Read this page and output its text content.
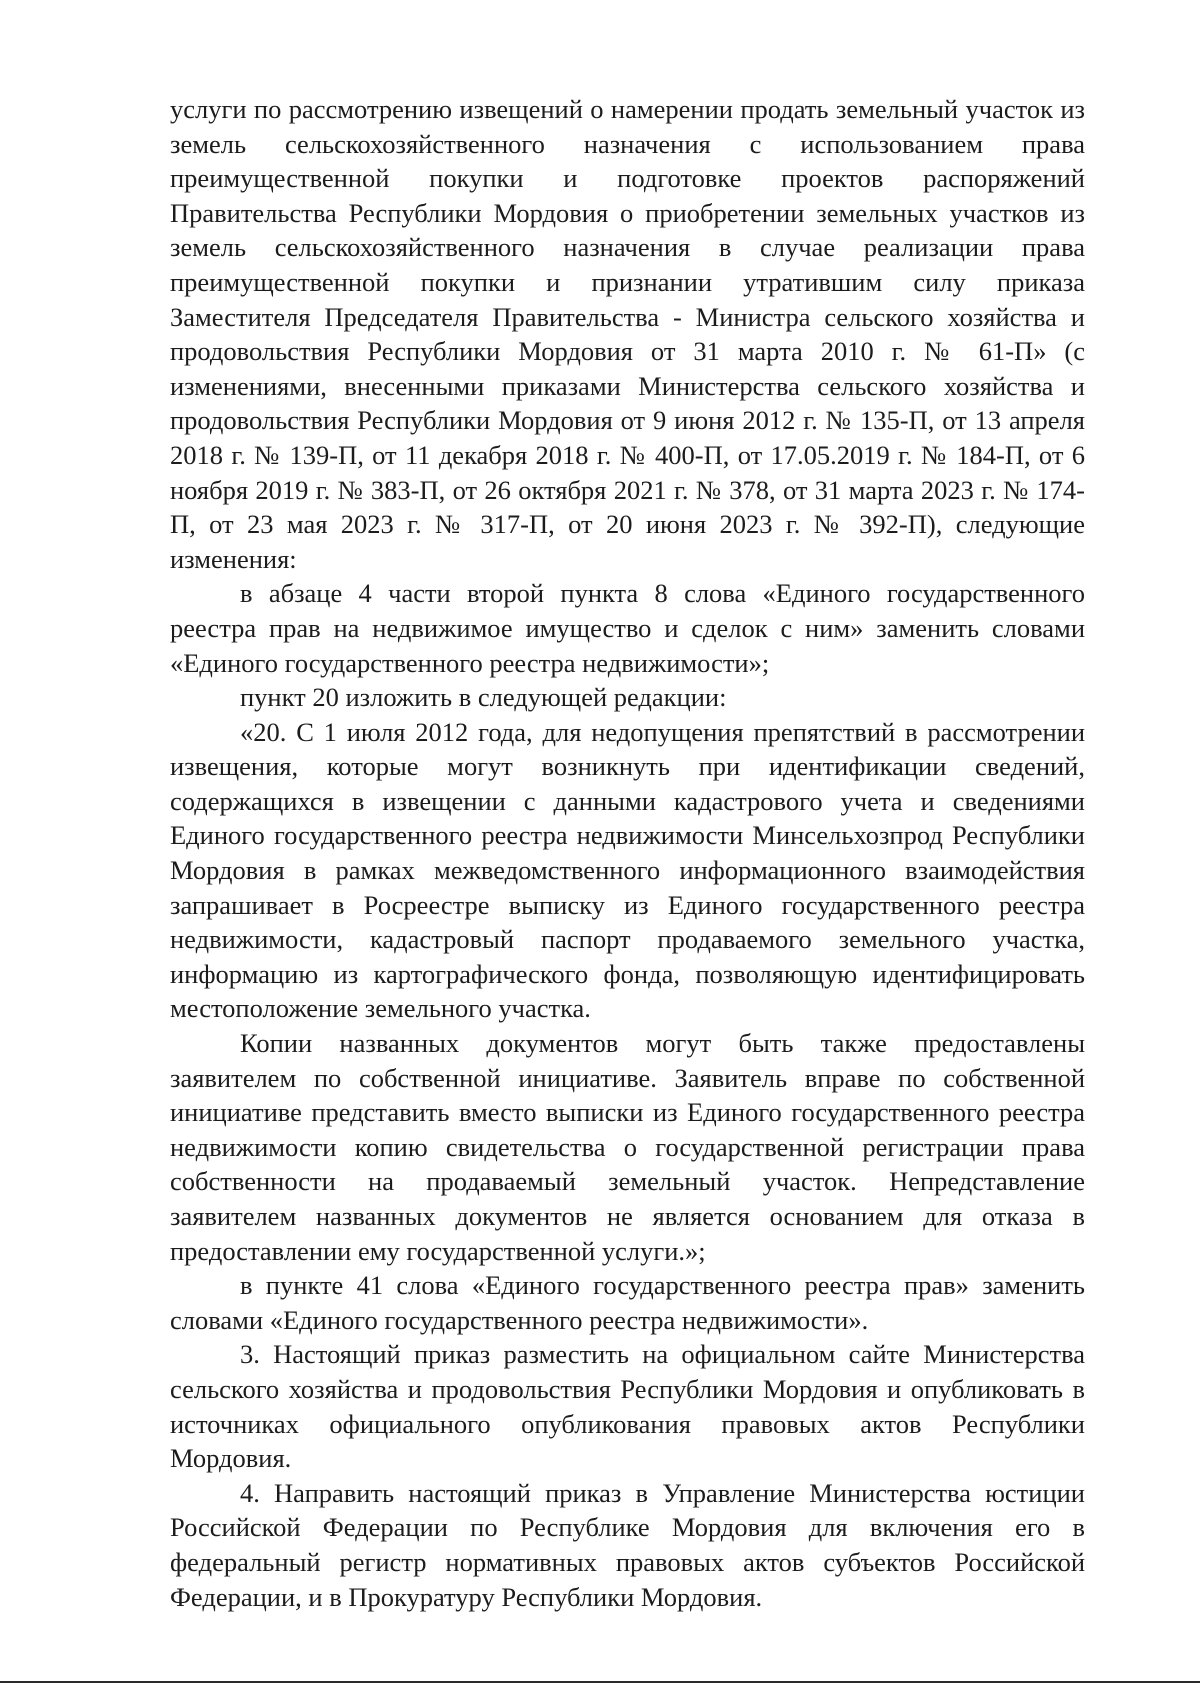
услуги по рассмотрению извещений о намерении продать земельный участок из земель сельскохозяйственного назначения с использованием права преимущественной покупки и подготовке проектов распоряжений Правительства Республики Мордовия о приобретении земельных участков из земель сельскохозяйственного назначения в случае реализации права преимущественной покупки и признании утратившим силу приказа Заместителя Председателя Правительства - Министра сельского хозяйства и продовольствия Республики Мордовия от 31 марта 2010 г. № 61-П» (с изменениями, внесенными приказами Министерства сельского хозяйства и продовольствия Республики Мордовия от 9 июня 2012 г. № 135-П, от 13 апреля 2018 г. № 139-П, от 11 декабря 2018 г. № 400-П, от 17.05.2019 г. № 184-П, от 6 ноября 2019 г. № 383-П, от 26 октября 2021 г. № 378, от 31 марта 2023 г. № 174-П, от 23 мая 2023 г. № 317-П, от 20 июня 2023 г. № 392-П), следующие изменения:

в абзаце 4 части второй пункта 8 слова «Единого государственного реестра прав на недвижимое имущество и сделок с ним» заменить словами «Единого государственного реестра недвижимости»;

пункт 20 изложить в следующей редакции:

«20. С 1 июля 2012 года, для недопущения препятствий в рассмотрении извещения, которые могут возникнуть при идентификации сведений, содержащихся в извещении с данными кадастрового учета и сведениями Единого государственного реестра недвижимости Минсельхозпрод Республики Мордовия в рамках межведомственного информационного взаимодействия запрашивает в Росреестре выписку из Единого государственного реестра недвижимости, кадастровый паспорт продаваемого земельного участка, информацию из картографического фонда, позволяющую идентифицировать местоположение земельного участка.

Копии названных документов могут быть также предоставлены заявителем по собственной инициативе. Заявитель вправе по собственной инициативе представить вместо выписки из Единого государственного реестра недвижимости копию свидетельства о государственной регистрации права собственности на продаваемый земельный участок. Непредставление заявителем названных документов не является основанием для отказа в предоставлении ему государственной услуги.»;

в пункте 41 слова «Единого государственного реестра прав» заменить словами «Единого государственного реестра недвижимости».

3. Настоящий приказ разместить на официальном сайте Министерства сельского хозяйства и продовольствия Республики Мордовия и опубликовать в источниках официального опубликования правовых актов Республики Мордовия.

4. Направить настоящий приказ в Управление Министерства юстиции Российской Федерации по Республике Мордовия для включения его в федеральный регистр нормативных правовых актов субъектов Российской Федерации, и в Прокуратуру Республики Мордовия.
